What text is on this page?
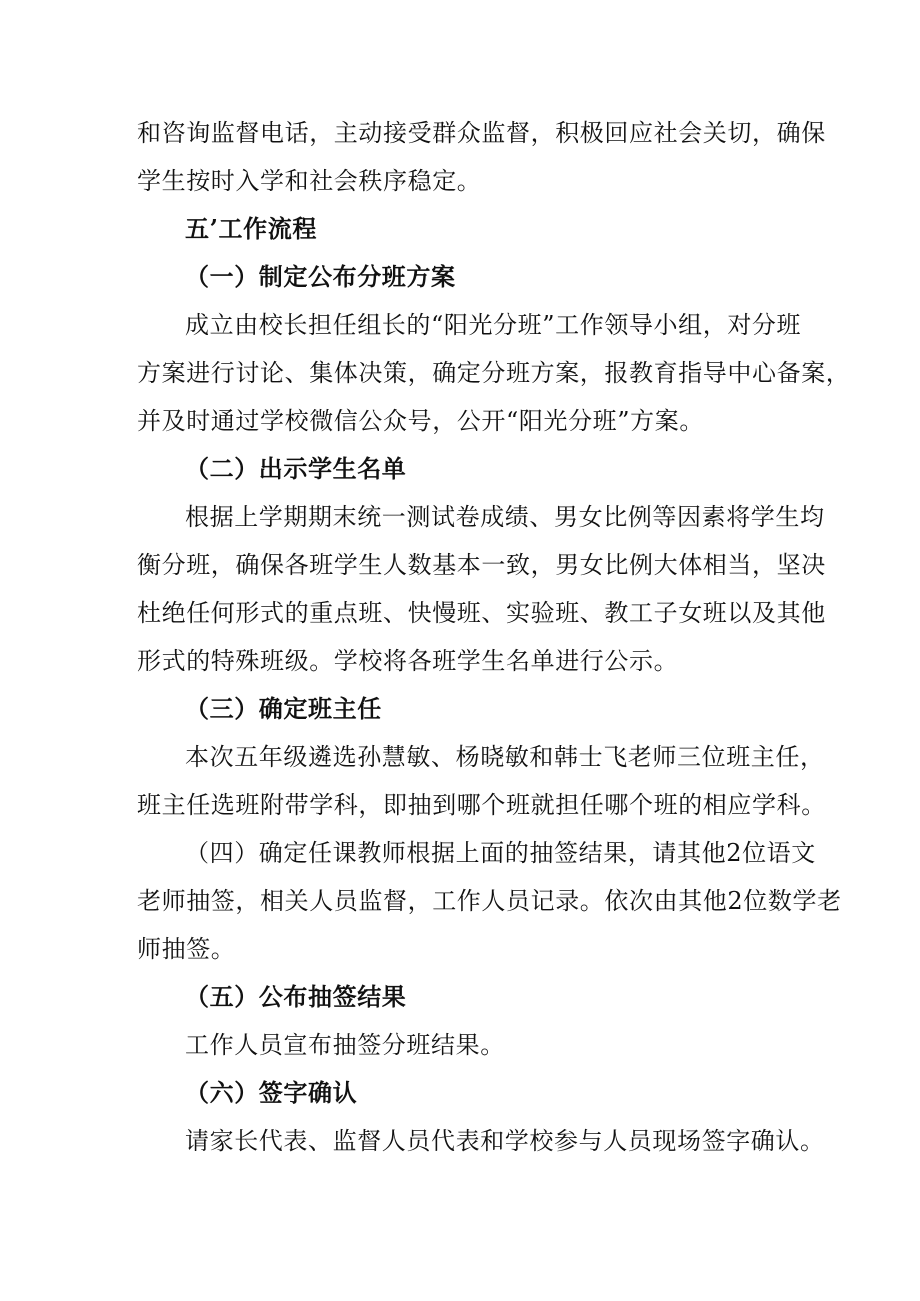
和咨询监督电话，主动接受群众监督，积极回应社会关切，确保
学生按时入学和社会秩序稳定。
五’工作流程
（一）制定公布分班方案
成立由校长担任组长的“阳光分班”工作领导小组，对分班
方案进行讨论、集体决策，确定分班方案，报教育指导中心备案，
并及时通过学校微信公众号，公开“阳光分班”方案。
（二）出示学生名单
根据上学期期末统一测试卷成绩、男女比例等因素将学生均
衡分班，确保各班学生人数基本一致，男女比例大体相当，坚决
杜绝任何形式的重点班、快慢班、实验班、教工子女班以及其他
形式的特殊班级。学校将各班学生名单进行公示。
（三）确定班主任
本次五年级遴选孙慧敏、杨晓敏和韩士飞老师三位班主任，
班主任选班附带学科，即抽到哪个班就担任哪个班的相应学科。
（四）确定任课教师根据上面的抽签结果，请其他2位语文
老师抽签，相关人员监督，工作人员记录。依次由其他2位数学老
师抽签。
（五）公布抽签结果
工作人员宣布抽签分班结果。
（六）签字确认
请家长代表、监督人员代表和学校参与人员现场签字确认。
